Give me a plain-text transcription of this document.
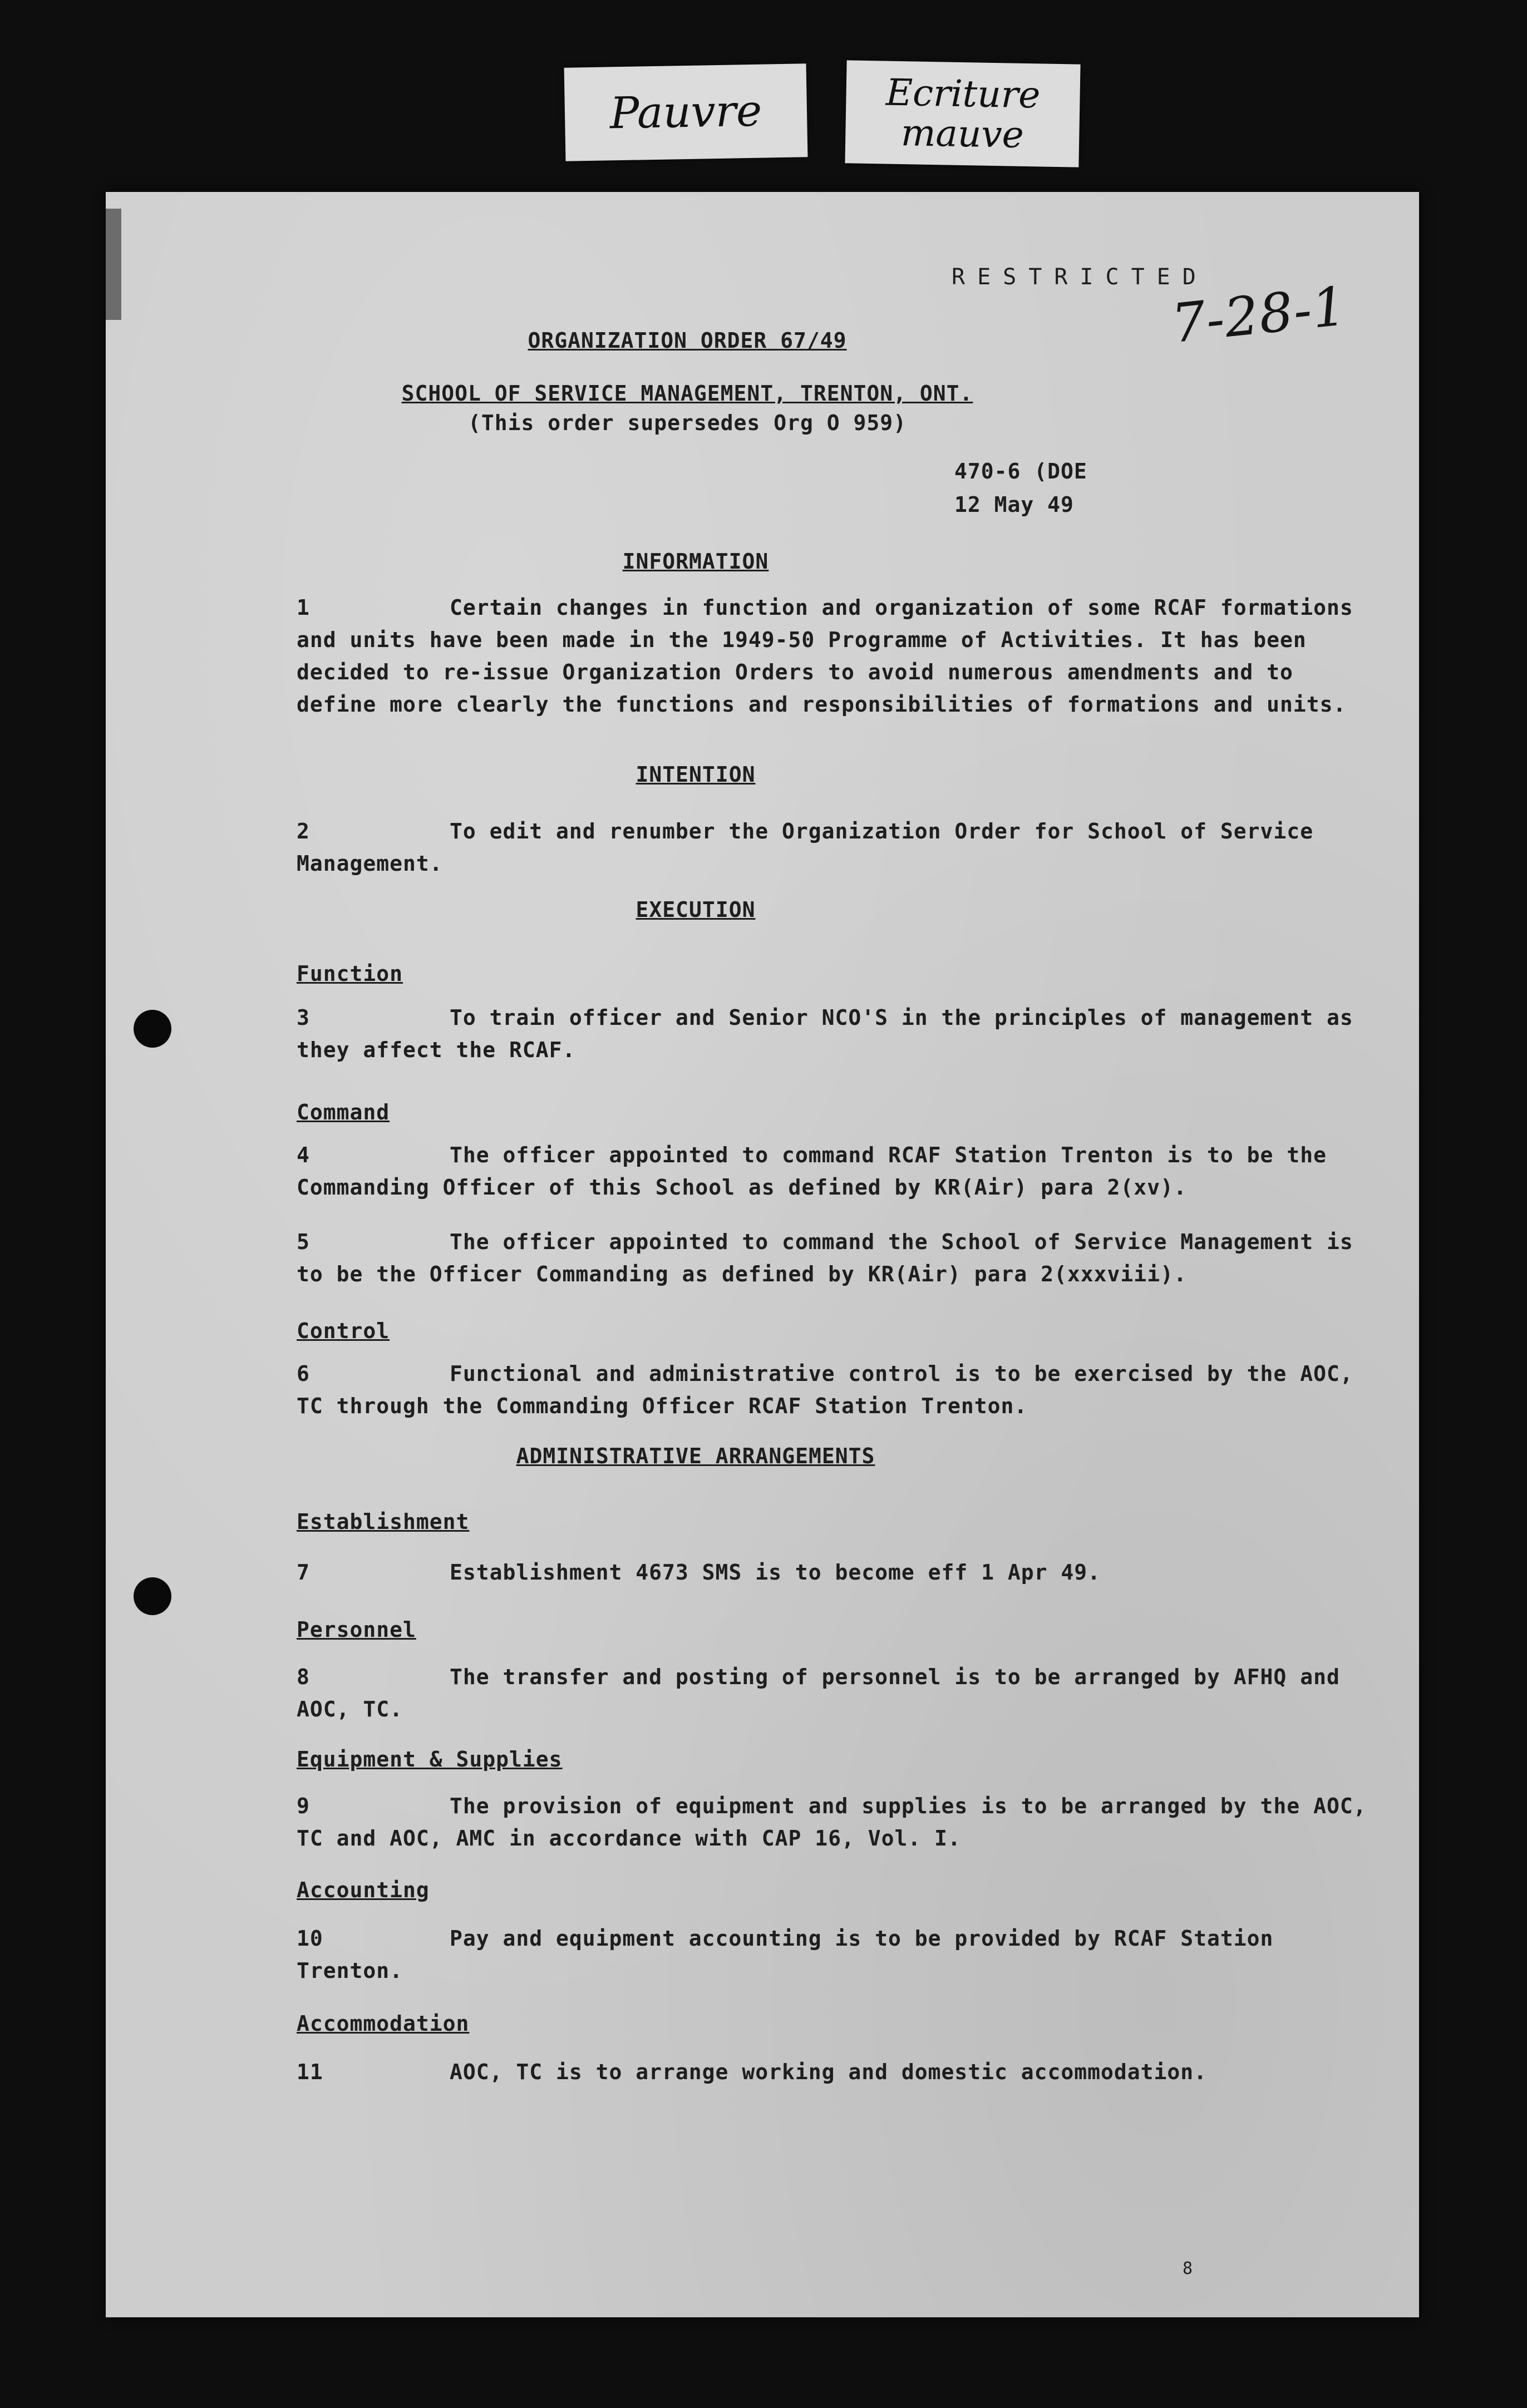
Pauvre	Ecriture
mauve
RESTRICTED
7-28-1
ORGANIZATION ORDER 67/49
SCHOOL OF SERVICE MANAGEMENT, TRENTON, ONT.
(This order supersedes Org O 959)
470-6 (DOE
12 May 49
INFORMATION
1	Certain changes in function and organization of some RCAF formations and units have been made in the 1949-50 Programme of Activities. It has been decided to re-issue Organization Orders to avoid numerous amendments and to define more clearly the functions and responsibilities of formations and units.
INTENTION
2	To edit and renumber the Organization Order for School of Service Management.
EXECUTION
Function
3	To train officer and Senior NCO'S in the principles of management as they affect the RCAF.
Command
4	The officer appointed to command RCAF Station Trenton is to be the Commanding Officer of this School as defined by KR(Air) para 2(xv).
5	The officer appointed to command the School of Service Management is to be the Officer Commanding as defined by KR(Air) para 2(xxxviii).
Control
6	Functional and administrative control is to be exercised by the AOC, TC through the Commanding Officer RCAF Station Trenton.
ADMINISTRATIVE ARRANGEMENTS
Establishment
7	Establishment 4673 SMS is to become eff 1 Apr 49.
Personnel
8	The transfer and posting of personnel is to be arranged by AFHQ and AOC, TC.
Equipment & Supplies
9	The provision of equipment and supplies is to be arranged by the AOC, TC and AOC, AMC in accordance with CAP 16, Vol. I.
Accounting
10	Pay and equipment accounting is to be provided by RCAF Station Trenton.
Accommodation
11	AOC, TC is to arrange working and domestic accommodation.
8
